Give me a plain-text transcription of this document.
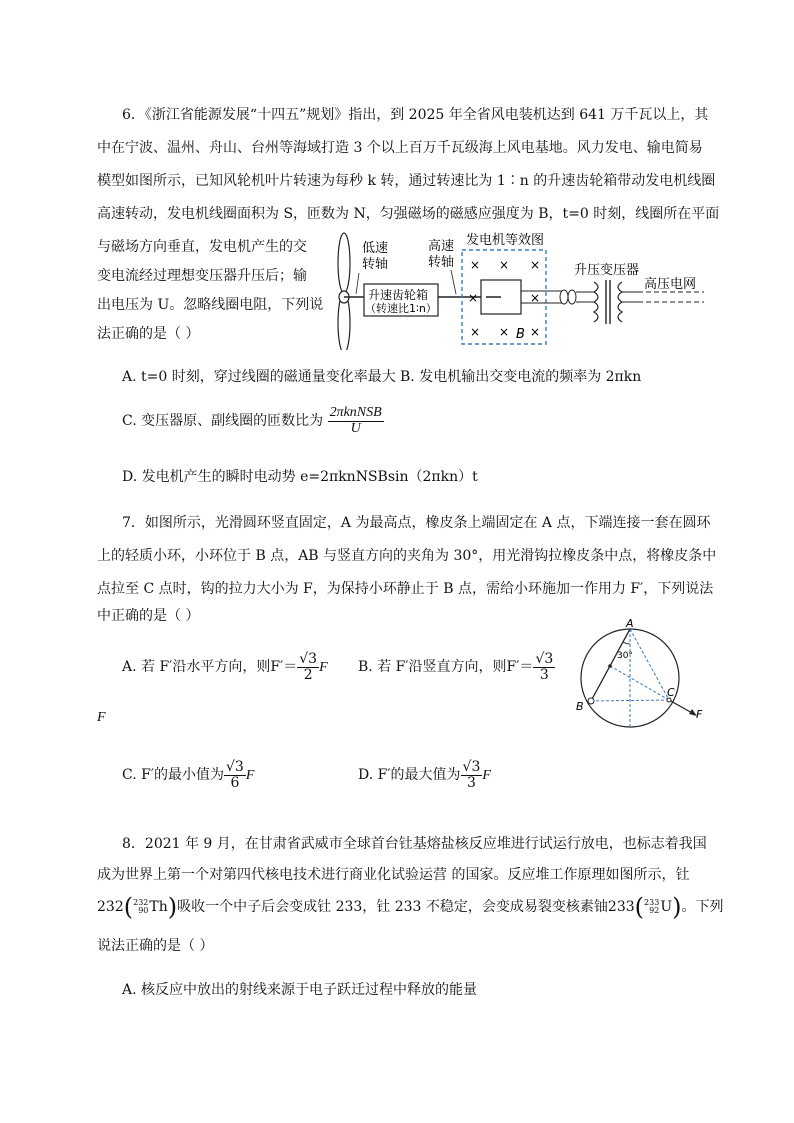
6．《浙江省能源发展“十四五”规划》指出，到 2025 年全省风电装机达到 641 万千瓦以上，其
中在宁波、温州、舟山、台州等海域打造 3 个以上百万千瓦级海上风电基地。风力发电、输电简易
模型如图所示，已知风轮机叶片转速为每秒 k 转，通过转速比为 1∶n 的升速齿轮箱带动发电机线圈
高速转动，发电机线圈面积为 S，匝数为 N，匀强磁场的磁感应强度为 B，t=0 时刻，线圈所在平面
与磁场方向垂直，发电机产生的交
变电流经过理想变压器升压后；输
出电压为 U。忽略线圈电阻，下列说
法正确的是（ ）
低速
转轴
升速齿轮箱
（转速比1∶n）
高速
转轴
发电机等效图
× × ×
×	×
× × B ×
升压变压器
高压电网
A. t=0 时刻，穿过线圈的磁通量变化率最大 B. 发电机输出交变电流的频率为 2πkn
C. 变压器原、副线圈的匝数比为 $\frac{\text{2πknNSB}}{U}$
D. 发电机产生的瞬时电动势 e=2πknNSBsin（2πkn）t
7．如图所示，光滑圆环竖直固定，A 为最高点，橡皮条上端固定在 A 点，下端连接一套在圆环
上的轻质小环，小环位于 B 点，AB 与竖直方向的夹角为 30°，用光滑钩拉橡皮条中点，将橡皮条中
点拉至 C 点时，钩的拉力大小为 F，为保持小环静止于 B 点，需给小环施加一作用力 F′，下列说法
中正确的是（ ）
A. 若 F′沿水平方向，则$F'= \frac{√3}{2}$ F B. 若 F′沿竖直方向，则$F'= \frac{√3}{3}$
F
C. F′的最小值为 $\frac{√3}{6}$ F	D. F′的最大值为 $\frac{√3}{3}$ F
30°
A
B
C
F
8．2021 年 9 月，在甘肃省武威市全球首台钍基熔盐核反应堆进行试运行放电，也标志着我国
成为世界上第一个对第四代核电技术进行商业化试验运营 的国家。反应堆工作原理如图所示，钍
232( 232
90 Th)吸收一个中子后会变成钍 233，钍 233 不稳定，会变成易裂变核素铀233( 233
92 U)。下列
说法正确的是（ ）
A. 核反应中放出的射线来源于电子跃迁过程中释放的能量
